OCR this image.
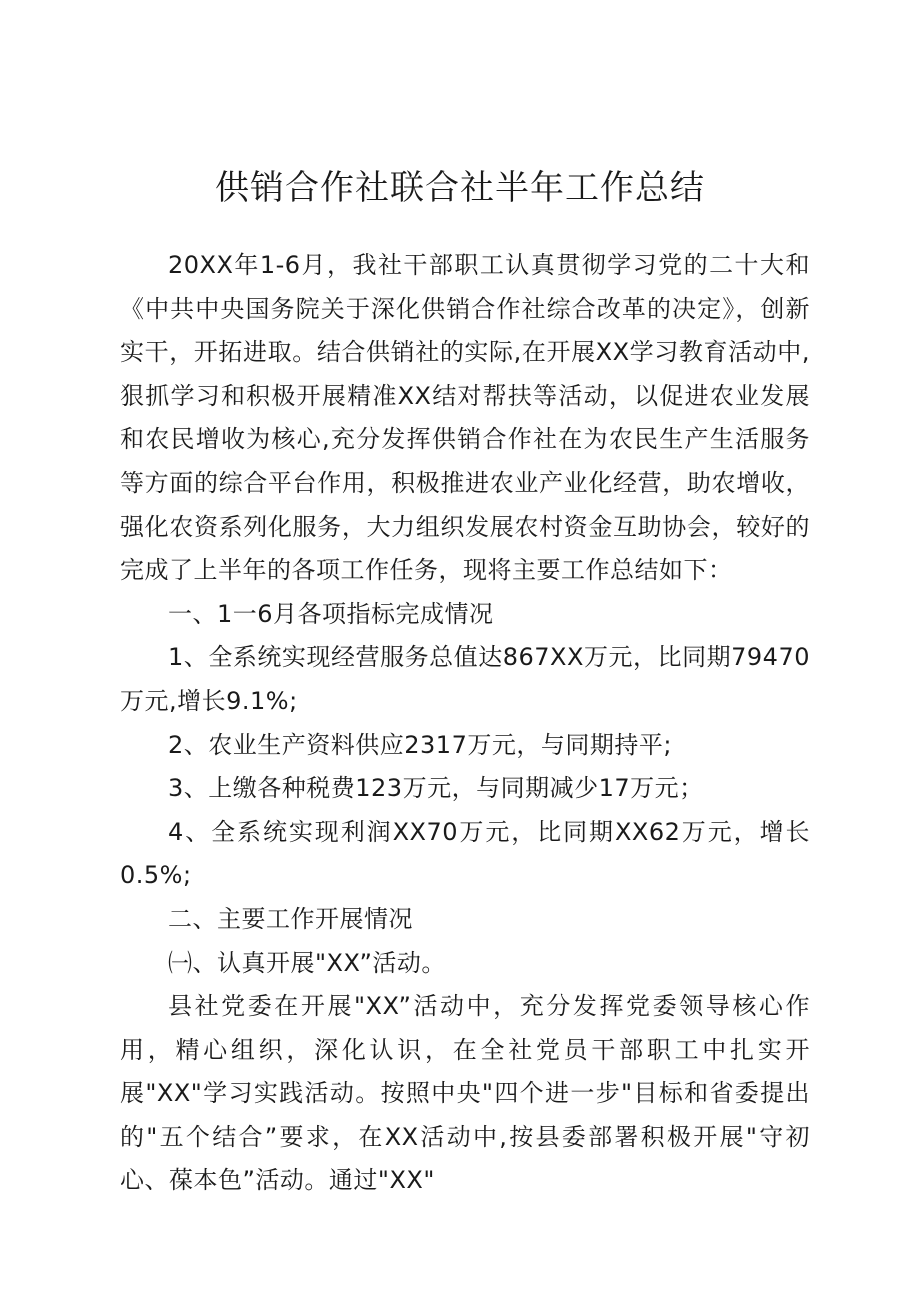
供销合作社联合社半年工作总结

20XX年1-6月，我社干部职工认真贯彻学习党的二十大和《中共中央国务院关于深化供销合作社综合改革的决定》，创新实干，开拓进取。结合供销社的实际,在开展XX学习教育活动中,狠抓学习和积极开展精准XX结对帮扶等活动，以促进农业发展和农民增收为核心,充分发挥供销合作社在为农民生产生活服务等方面的综合平台作用，积极推进农业产业化经营，助农增收，强化农资系列化服务，大力组织发展农村资金互助协会，较好的完成了上半年的各项工作任务，现将主要工作总结如下：

一、1一6月各项指标完成情况

1、全系统实现经营服务总值达867XX万元，比同期79470万元,增长9.1%;

2、农业生产资料供应2317万元，与同期持平;

3、上缴各种税费123万元，与同期减少17万元；

4、全系统实现利润XX70万元，比同期XX62万元，增长0.5%;

二、主要工作开展情况

㈠、认真开展"XX”活动。

县社党委在开展"XX”活动中，充分发挥党委领导核心作用，精心组织，深化认识，在全社党员干部职工中扎实开展"XX"学习实践活动。按照中央"四个进一步"目标和省委提出的"五个结合”要求，在XX活动中,按县委部署积极开展"守初心、葆本色”活动。通过"XX"
